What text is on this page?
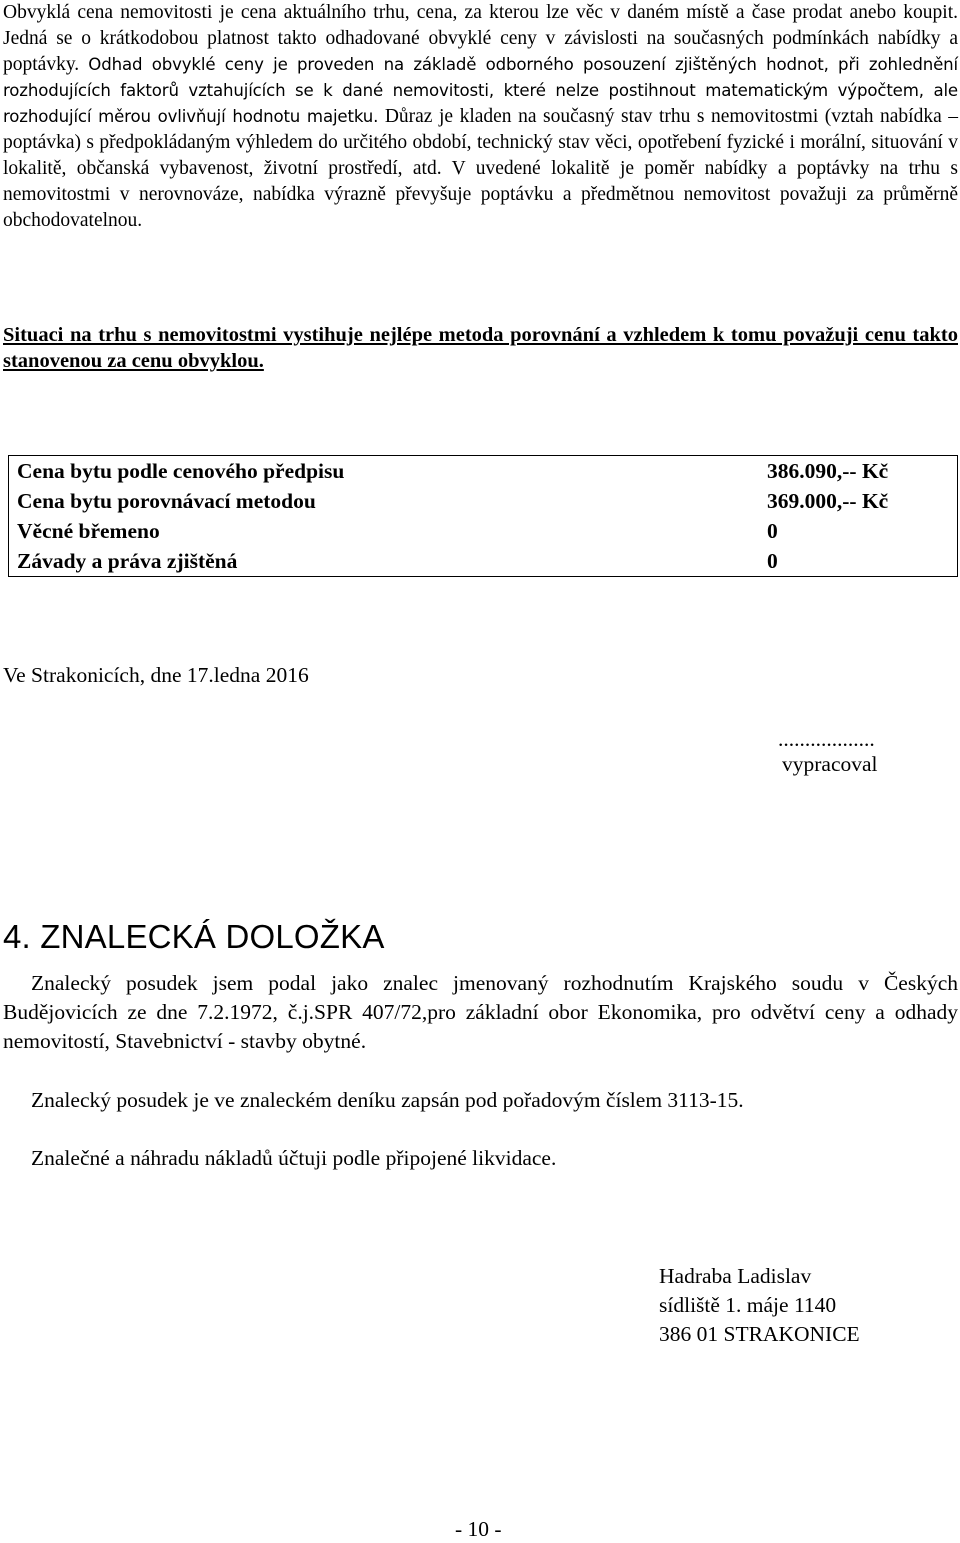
Obvyklá cena nemovitosti je cena aktuálního trhu, cena, za kterou lze věc v daném místě a čase prodat anebo koupit. Jedná se o krátkodobou platnost takto odhadované obvyklé ceny v závislosti na současných podmínkách nabídky a poptávky. Odhad obvyklé ceny je proveden na základě odborného posouzení zjištěných hodnot, při zohlednění rozhodujících faktorů vztahujících se k dané nemovitosti, které nelze postihnout matematickým výpočtem, ale rozhodující měrou ovlivňují hodnotu majetku. Důraz je kladen na současný stav trhu s nemovitostmi (vztah nabídka – poptávka) s předpokládaným výhledem do určitého období, technický stav věci, opotřebení fyzické i morální, situování v lokalitě, občanská vybavenost, životní prostředí, atd. V uvedené lokalitě je poměr nabídky a poptávky na trhu s nemovitostmi v nerovnováze, nabídka výrazně převyšuje poptávku a předmětnou nemovitost považuji za průměrně obchodovatelnou.

Situaci na trhu s nemovitostmi vystihuje nejlépe metoda porovnání a vzhledem k tomu považuji cenu takto stanovenou za cenu obvyklou.

Cena bytu podle cenového předpisu	386.090,-- Kč
Cena bytu porovnávací metodou	369.000,-- Kč
Věcné břemeno	0
Závady a práva zjištěná	0
Ve Strakonicích, dne 17.ledna 2016
..................
vypracoval
4. ZNALECKÁ DOLOŽKA

Znalecký posudek jsem podal jako znalec jmenovaný rozhodnutím Krajského soudu v Českých Budějovicích ze dne 7.2.1972, č.j.SPR 407/72,pro základní obor Ekonomika, pro odvětví ceny a odhady nemovitostí, Stavebnictví - stavby obytné.

Znalecký posudek je ve znaleckém deníku zapsán pod pořadovým číslem 3113-15.
Znalečné a náhradu nákladů účtuji podle připojené likvidace.
Hadraba Ladislav
sídliště 1. máje 1140
386 01 STRAKONICE
- 10 -
